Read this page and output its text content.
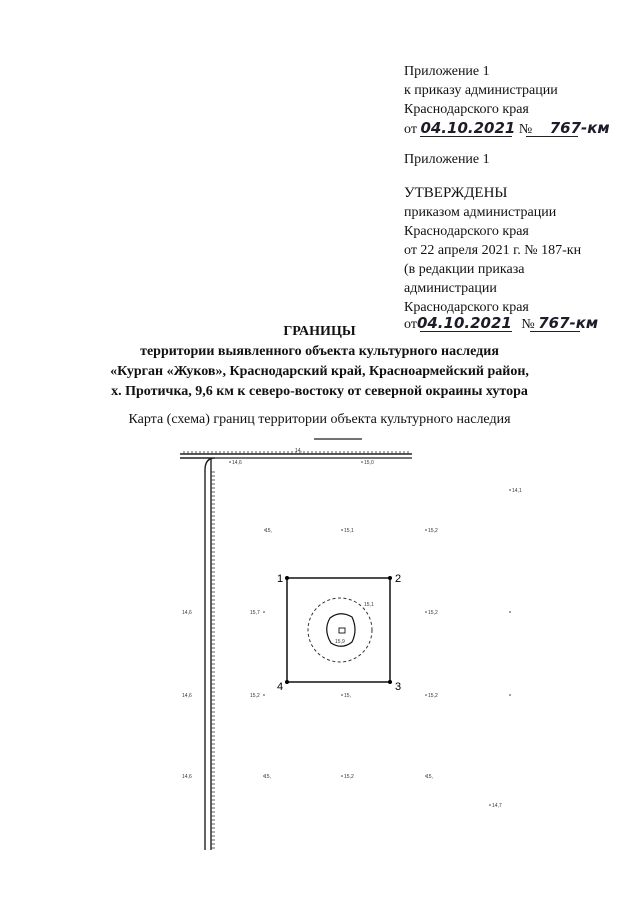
Приложение 1
к приказу администрации
Краснодарского края
от 04.10.2021 № 767-км
Приложение 1
УТВЕРЖДЕНЫ
приказом администрации
Краснодарского края
от 22 апреля 2021 г. № 187-кн
(в редакции приказа
администрации
Краснодарского края
от04.10.2021 № 767-км
ГРАНИЦЫ
территории выявленного объекта культурного наследия
«Курган «Жуков», Краснодарский край, Красноармейский район,
х. Протичка, 9,6 км к северо-востоку от северной окраины хутора
Карта (схема) границ территории объекта культурного наследия
1	2
3
4
14,6	15,0
14,
14,1
15,	15,1	15,2
14,6	15,7
15,1
15,2
15,9
14,6	15,2	15,	15,2
14,6	15,	15,2	15,
14,7
